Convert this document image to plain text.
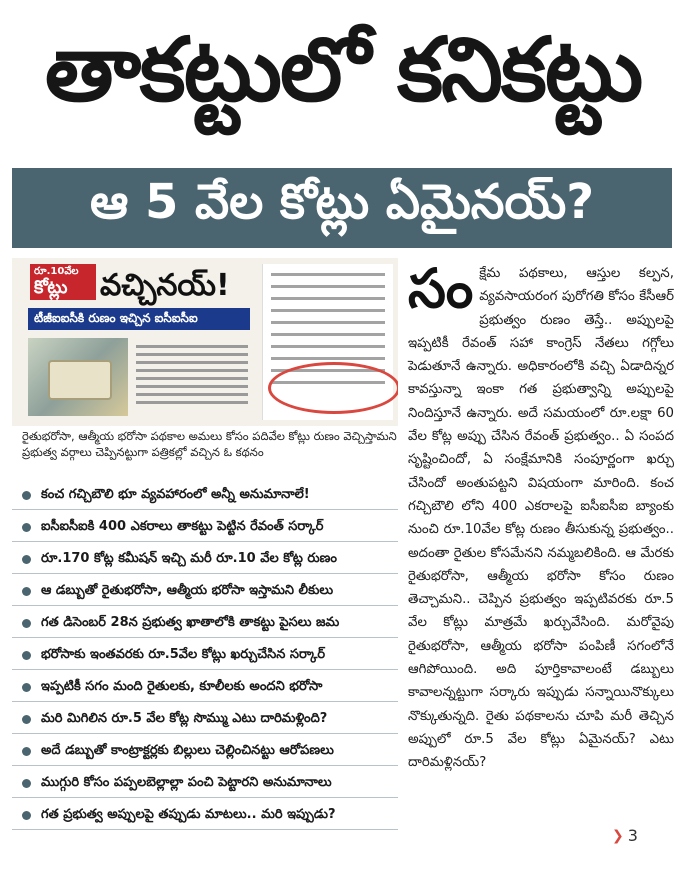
తాకట్టులో కనికట్టు
ఆ 5 వేల కోట్లు ఏమైనయ్‌?
రూ.10వేల
కోట్లు	వచ్చినయ్‌!
టీజీఐఐసీకి రుణం ఇచ్చిన ఐసీఐసీఐ
రైతుభరోసా, ఆత్మీయ భరోసా పథకాల అమలు కోసం పదివేల కోట్లు రుణం వెచ్చిస్తామని ప్రభుత్వ వర్గాలు చెప్పినట్టుగా పత్రికల్లో వచ్చిన ఓ కథనం
కంచ గచ్చిబౌలి భూ వ్యవహారంలో అన్నీ అనుమానాలే!
ఐసీఐసీఐకి 400 ఎకరాలు తాకట్టు పెట్టిన రేవంత్‌ సర్కార్‌
రూ.170 కోట్ల కమీషన్‌ ఇచ్చి మరీ రూ.10 వేల కోట్ల రుణం
ఆ డబ్బుతో రైతుభరోసా, ఆత్మీయ భరోసా ఇస్తామని లీకులు
గత డిసెంబర్‌ 28న ప్రభుత్వ ఖాతాలోకి తాకట్టు పైసలు జమ
భరోసాకు ఇంతవరకు రూ.5వేల కోట్లు ఖర్చుచేసిన సర్కార్‌
ఇప్పటికీ సగం మంది రైతులకు, కూలీలకు అందని భరోసా
మరి మిగిలిన రూ.5 వేల కోట్ల సొమ్ము ఎటు దారిమళ్లింది?
అదే డబ్బుతో కాంట్రాక్టర్లకు బిల్లులు చెల్లించినట్టు ఆరోపణలు
ముగ్గురి కోసం పప్పలబెల్లాల్లా పంచి పెట్టారని అనుమానాలు
గత ప్రభుత్వ అప్పులపై తప్పుడు మాటలు.. మరి ఇప్పుడు?
సంక్షేమ పథకాలు, ఆస్తుల కల్పన, వ్యవసాయరంగ పురోగతి కోసం కేసీఆర్‌ ప్రభుత్వం రుణం తెస్తే.. అప్పులపై ఇప్పటికీ రేవంత్‌ సహా కాంగ్రెస్‌ నేతలు గగ్గోలు పెడుతూనే ఉన్నారు. అధికారంలోకి వచ్చి ఏడాదిన్నర కావస్తున్నా ఇంకా గత ప్రభుత్వాన్ని అప్పులపై నిందిస్తూనే ఉన్నారు. అదే సమయంలో రూ.లక్షా 60 వేల కోట్ల అప్పు చేసిన రేవంత్‌ ప్రభుత్వం.. ఏ సంపద సృష్టించిందో, ఏ సంక్షేమానికి సంపూర్ణంగా ఖర్చు చేసిందో అంతుపట్టని విషయంగా మారింది. కంచ గచ్చిబౌలి లోని 400 ఎకరాలపై ఐసీఐసీఐ బ్యాంకు నుంచి రూ.10వేల కోట్ల రుణం తీసుకున్న ప్రభుత్వం.. అదంతా రైతుల కోసమేనని నమ్మబలికింది. ఆ మేరకు రైతుభరోసా, ఆత్మీయ భరోసా కోసం రుణం తెచ్చామని.. చెప్పిన ప్రభుత్వం ఇప్పటివరకు రూ.5 వేల కోట్లు మాత్రమే ఖర్చువేసింది. మరోవైపు రైతుభరోసా, ఆత్మీయ భరోసా పంపిణీ సగంలోనే ఆగిపోయింది. అది పూర్తికావాలంటే డబ్బులు కావాలన్నట్టుగా సర్కారు ఇప్పుడు సన్నాయినొక్కులు నొక్కుతున్నది. రైతు పథకాలను చూపి మరీ తెచ్చిన అప్పులో రూ.5 వేల కోట్లు ఏమైనయ్‌? ఎటు దారిమళ్లినయ్‌?
❯ 3
